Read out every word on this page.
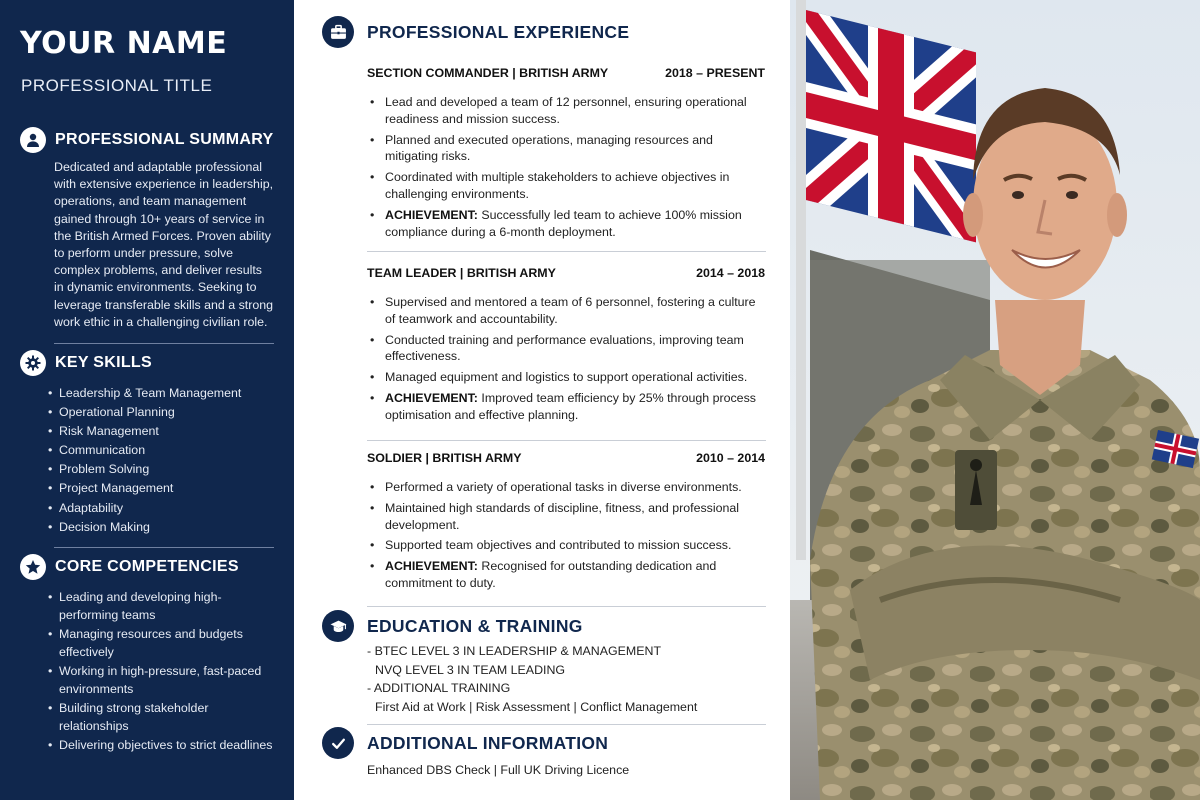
YOUR NAME
PROFESSIONAL TITLE
PROFESSIONAL SUMMARY
Dedicated and adaptable professional with extensive experience in leadership, operations, and team management gained through 10+ years of service in the British Armed Forces. Proven ability to perform under pressure, solve complex problems, and deliver results in dynamic environments. Seeking to leverage transferable skills and a strong work ethic in a challenging civilian role.
KEY SKILLS
• Leadership & Team Management
• Operational Planning
• Risk Management
• Communication
• Problem Solving
• Project Management
• Adaptability
• Decision Making
CORE COMPETENCIES
• Leading and developing high-performing teams
• Managing resources and budgets effectively
• Working in high-pressure, fast-paced environments
• Building strong stakeholder relationships
• Delivering objectives to strict deadlines
PROFESSIONAL EXPERIENCE
SECTION COMMANDER | BRITISH ARMY	2018 – PRESENT
• Lead and developed a team of 12 personnel, ensuring operational readiness and mission success.
• Planned and executed operations, managing resources and mitigating risks.
• Coordinated with multiple stakeholders to achieve objectives in challenging environments.
• ACHIEVEMENT: Successfully led team to achieve 100% mission compliance during a 6-month deployment.
TEAM LEADER | BRITISH ARMY	2014 – 2018
• Supervised and mentored a team of 6 personnel, fostering a culture of teamwork and accountability.
• Conducted training and performance evaluations, improving team effectiveness.
• Managed equipment and logistics to support operational activities.
• ACHIEVEMENT: Improved team efficiency by 25% through process optimisation and effective planning.
SOLDIER | BRITISH ARMY	2010 – 2014
• Performed a variety of operational tasks in diverse environments.
• Maintained high standards of discipline, fitness, and professional development.
• Supported team objectives and contributed to mission success.
• ACHIEVEMENT: Recognised for outstanding dedication and commitment to duty.
EDUCATION & TRAINING
- BTEC LEVEL 3 IN LEADERSHIP & MANAGEMENT
NVQ LEVEL 3 IN TEAM LEADING
- ADDITIONAL TRAINING
First Aid at Work | Risk Assessment | Conflict Management
ADDITIONAL INFORMATION
Enhanced DBS Check | Full UK Driving Licence
